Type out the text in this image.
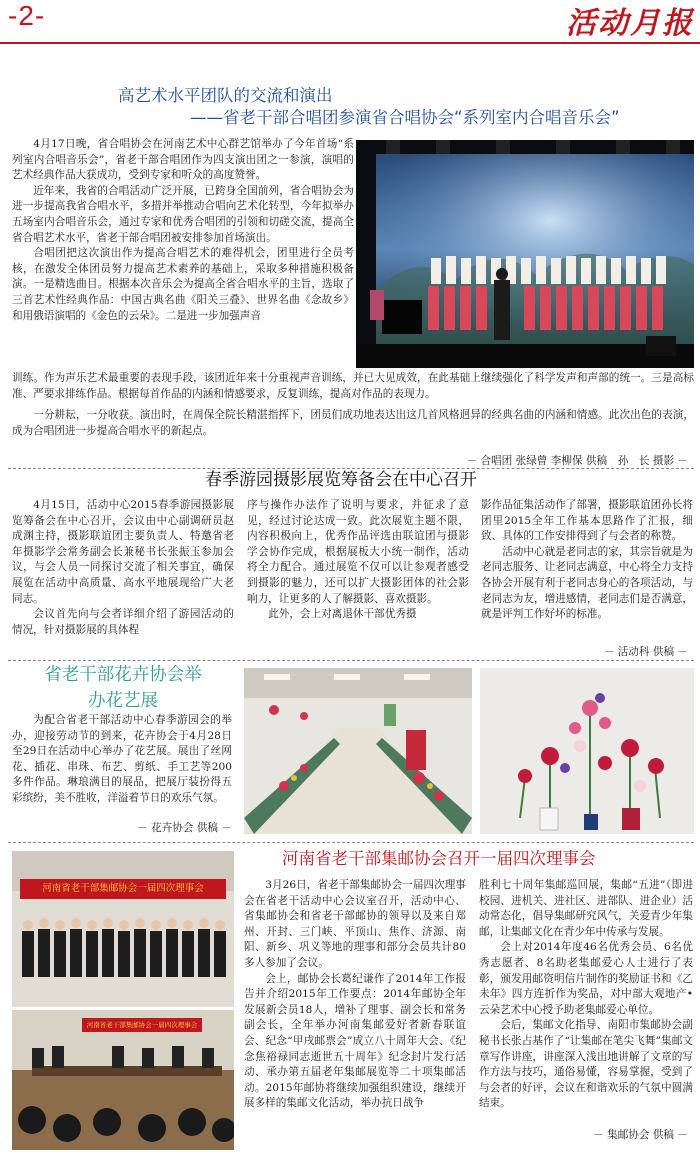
-2-	活动月报
高艺术水平团队的交流和演出
——省老干部合唱团参演省合唱协会“系列室内合唱音乐会”
4月17日晚，省合唱协会在河南艺术中心群艺馆举办了今年首场“系列室内合唱音乐会”，省老干部合唱团作为四支演出团之一参演，演唱的艺术经典作品大获成功，受到专家和听众的高度赞誉。
近年来，我省的合唱活动广泛开展，已跨身全国前列，省合唱协会为进一步提高我省合唱水平，多措并举推动合唱向艺术化转型，今年拟举办五场室内合唱音乐会，通过专家和优秀合唱团的引领和切磋交流，提高全省合唱艺术水平，省老干部合唱团被安排参加首场演出。
合唱团把这次演出作为提高合唱艺术的难得机会，团里进行全员考核，在激发全体团员努力提高艺术素养的基础上，采取多种措施积极备演。一是精选曲目。根据本次音乐会为提高全省合唱水平的主旨，选取了三首艺术性经典作品：中国古典名曲《阳关三叠》、世界名曲《念故乡》和用俄语演唱的《金色的云朵》。二是进一步加强声音
训练。作为声乐艺术最重要的表现手段，该团近年来十分重视声音训练，并已大见成效，在此基础上继续强化了科学发声和声部的统一。三是高标准、严要求排练作品。根据每首作品的内涵和情感要求，反复训练，提高对作品的表现力。
一分耕耘，一分收获。演出时，在周保全院长精湛指挥下，团员们成功地表达出这几首风格迥异的经典名曲的内涵和情感。此次出色的表演，成为合唱团进一步提高合唱水平的新起点。
－ 合唱团 张绿曾 李柳保 供稿　孙　长 摄影 －
春季游园摄影展览筹备会在中心召开
4月15日，活动中心2015春季游园摄影展览筹备会在中心召开，会议由中心副调研员赵成渊主持，摄影联谊团主要负责人、特邀省老年摄影学会常务副会长兼秘书长张振玉参加会议，与会人员一同探讨交流了相关事宜，确保展览在活动中高质量、高水平地展现给广大老同志。
会议首先向与会者详细介绍了游园活动的情况，针对摄影展的具体程
序与操作办法作了说明与要求，并征求了意见，经过讨论达成一致。此次展览主题不限，内容积极向上，优秀作品评选由联谊团与摄影学会协作完成，根据展板大小统一制作，活动将全力配合。通过展览不仅可以让参观者感受到摄影的魅力，还可以扩大摄影团体的社会影响力，让更多的人了解摄影、喜欢摄影。
此外，会上对离退休干部优秀摄
影作品征集活动作了部署，摄影联谊团孙长将团里2015全年工作基本思路作了汇报，细致、具体的工作安排得到了与会者的称赞。
活动中心就是老同志的家，其宗旨就是为老同志服务、让老同志满意，中心将全力支持各协会开展有利于老同志身心的各项活动，与老同志为友，增进感情，老同志们是否满意，就是评判工作好坏的标准。
－ 活动科 供稿 －
省老干部花卉协会举
办花艺展
为配合省老干部活动中心春季游园会的举办，迎接劳动节的到来，花卉协会于4月28日至29日在活动中心举办了花艺展。展出了丝网花、插花、串珠、布艺、剪纸、手工艺等200多件作品。琳琅满目的展品，把展厅装扮得五彩缤纷，美不胜收，洋溢着节日的欢乐气氛。
－ 花卉协会 供稿 －
河南省老干部集邮协会一届四次理事会
河南省老干部集邮协会一届四次理事会
河南省老干部集邮协会召开一届四次理事会
3月26日，省老干部集邮协会一届四次理事会在省老干活动中心会议室召开，活动中心、省集邮协会和省老干部邮协的领导以及来自郑州、开封、三门峡、平顶山、焦作、济源、南阳、新乡、巩义等地的理事和部分会员共计80多人参加了会议。
会上，邮协会长葛纪谦作了2014年工作报告并介绍2015年工作要点：2014年邮协全年发展新会员18人，增补了理事、副会长和常务副会长，全年举办河南集邮爱好者新春联谊会、纪念“甲戌邮票会”成立八十周年大会、《纪念焦裕禄同志逝世五十周年》纪念封片发行活动、承办第五届老年集邮展览等二十项集邮活动。2015年邮协将继续加强组织建设，继续开展多样的集邮文化活动，举办抗日战争
胜利七十周年集邮巡回展，集邮“五进”（即进校园、进机关、进社区、进部队、进企业）活动常态化，倡导集邮研究风气，关爱青少年集邮，让集邮文化在青少年中传承与发展。
会上对2014年度46名优秀会员、6名优秀志愿者、8名助老集邮爱心人士进行了表彰，颁发用邮资明信片制作的奖励证书和《乙未年》四方连折作为奖品，对中部大观地产•云朵艺术中心授予助老集邮爱心单位。
会后，集邮文化指导、南阳市集邮协会副秘书长张占基作了“让集邮在笔尖飞舞”集邮文章写作讲座，讲座深入浅出地讲解了文章的写作方法与技巧，通俗易懂，容易掌握，受到了与会者的好评，会议在和谐欢乐的气氛中圆满结束。
－ 集邮协会 供稿 －
